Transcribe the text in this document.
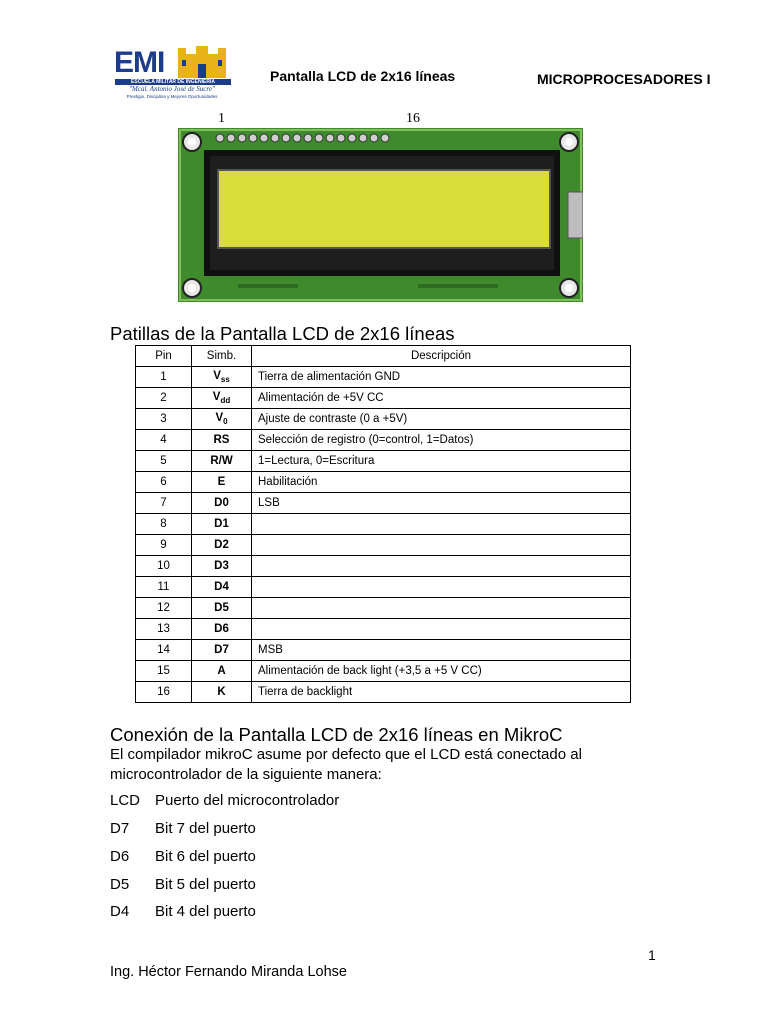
EMI
ESCUELA MILITAR DE INGENIERIA
"Mcal. Antonio José de Sucre"
Prestigio, Disciplina y Mejores Oportunidades
Pantalla LCD de 2x16 líneas	MICROPROCESADORES I
1	16
Patillas de la Pantalla LCD de 2x16 líneas
Pin	Simb.	Descripción
1	$V_{ss}$	Tierra de alimentación GND
2	$V_{dd}$	Alimentación de +5V CC
3	$V_0$	Ajuste de contraste (0 a +5V)
4	RS	Selección de registro (0=control, 1=Datos)
5	R/W	1=Lectura, 0=Escritura
6	E	Habilitación
7	D0	LSB
8	D1	
9	D2	
10	D3	
11	D4	
12	D5	
13	D6	
14	D7	MSB
15	A	Alimentación de back light (+3,5 a +5 V CC)
16	K	Tierra de backlight
Conexión de la Pantalla LCD de 2x16 líneas en MikroC
El compilador mikroC asume por defecto que el LCD está conectado al microcontrolador de la siguiente manera:
LCD Puerto del microcontrolador
D7 Bit 7 del puerto
D6 Bit 6 del puerto
D5 Bit 5 del puerto
D4 Bit 4 del puerto
1
Ing. Héctor Fernando Miranda Lohse
